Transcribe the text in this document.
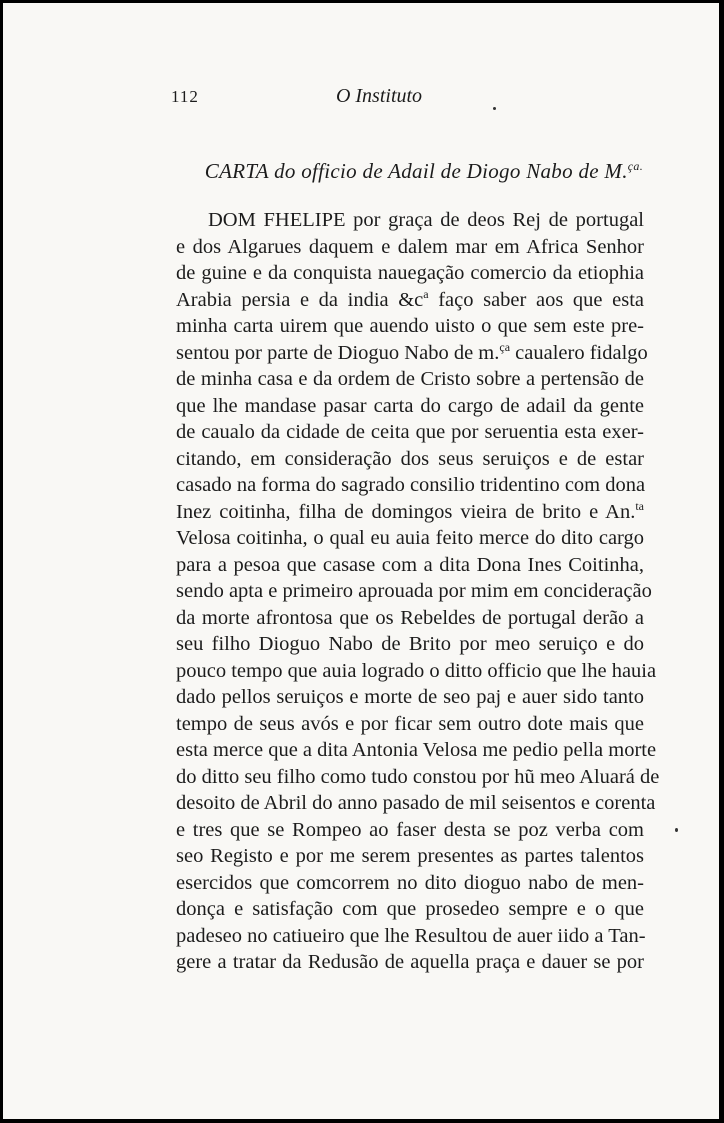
112	O Instituto
CARTA do officio de Adail de Diogo Nabo de M.$^{ça.}$
DOM FHELIPE por graça de deos Rej de portugal
e dos Algarues daquem e dalem mar em Africa Senhor
de guine e da conquista nauegação comercio da etiophia
Arabia persia e da india $\&c^a$ faço saber aos que esta
minha carta uirem que auendo uisto o que sem este pre-
sentou por parte de Dioguo Nabo de m.$^{ça}$ caualero fidalgo
de minha casa e da ordem de Cristo sobre a pertensão de
que lhe mandase pasar carta do cargo de adail da gente
de caualo da cidade de ceita que por seruentia esta exer-
citando, em consideração dos seus seruiços e de estar
casado na forma do sagrado consilio tridentino com dona
Inez coitinha, filha de domingos vieira de brito e An.$^{ta}$
Velosa coitinha, o qual eu auia feito merce do dito cargo
para a pesoa que casase com a dita Dona Ines Coitinha,
sendo apta e primeiro aprouada por mim em concideração
da morte afrontosa que os Rebeldes de portugal derão a
seu filho Dioguo Nabo de Brito por meo seruiço e do
pouco tempo que auia logrado o ditto officio que lhe hauia
dado pellos seruiços e morte de seo paj e auer sido tanto
tempo de seus avós e por ficar sem outro dote mais que
esta merce que a dita Antonia Velosa me pedio pella morte
do ditto seu filho como tudo constou por hũ meo Aluará de
desoito de Abril do anno pasado de mil seisentos e corenta
e tres que se Rompeo ao faser desta se poz verba com
seo Registo e por me serem presentes as partes talentos
esercidos que comcorrem no dito dioguo nabo de men-
donça e satisfação com que prosedeo sempre e o que
padeseo no catiueiro que lhe Resultou de auer iido a Tan-
gere a tratar da Redusão de aquella praça e dauer se por
